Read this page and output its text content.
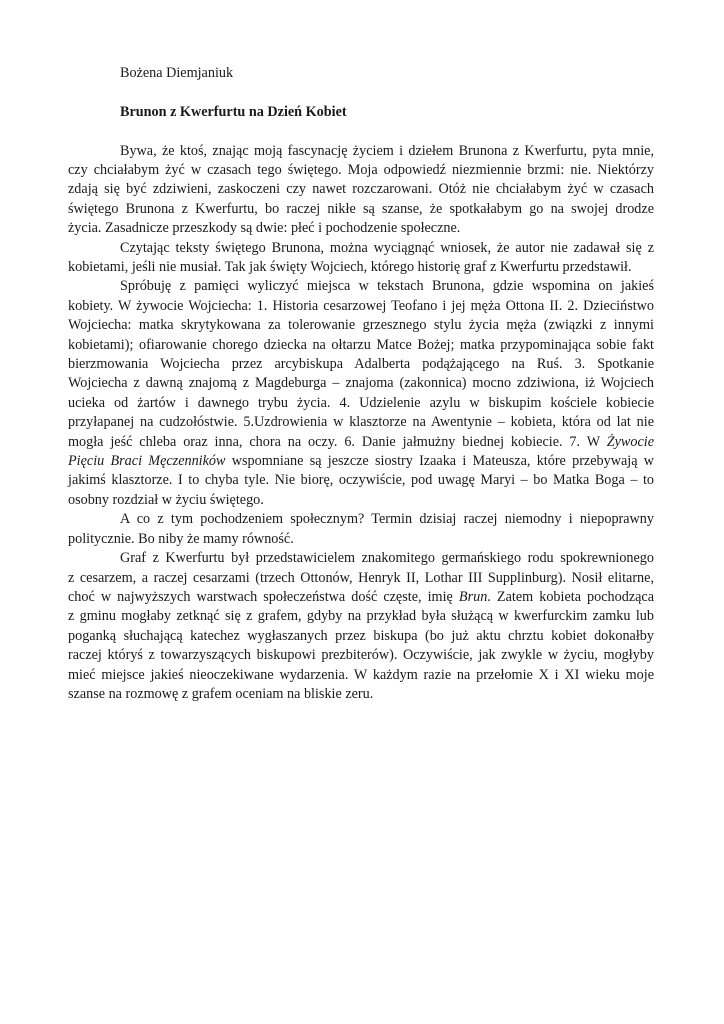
Bożena Diemjaniuk
Brunon z Kwerfurtu na Dzień Kobiet

Bywa, że ktoś, znając moją fascynację życiem i dziełem Brunona z Kwerfurtu, pyta mnie,
czy chciałabym żyć w czasach tego świętego. Moja odpowiedź niezmiennie brzmi: nie. Niektórzy
zdają się być zdziwieni, zaskoczeni czy nawet rozczarowani. Otóż nie chciałabym żyć w czasach
świętego Brunona z Kwerfurtu, bo raczej nikłe są szanse, że spotkałabym go na swojej drodze
życia. Zasadnicze przeszkody są dwie: płeć i pochodzenie społeczne.

Czytając teksty świętego Brunona, można wyciągnąć wniosek, że autor nie zadawał się z
kobietami, jeśli nie musiał. Tak jak święty Wojciech, którego historię graf z Kwerfurtu przedstawił.

Spróbuję z pamięci wyliczyć miejsca w tekstach Brunona, gdzie wspomina on jakieś
kobiety. W żywocie Wojciecha: 1. Historia cesarzowej Teofano i jej męża Ottona II. 2. Dzieciństwo
Wojciecha: matka skrytykowana za tolerowanie grzesznego stylu życia męża (związki z innymi
kobietami); ofiarowanie chorego dziecka na ołtarzu Matce Bożej; matka przypominająca sobie fakt
bierzmowania Wojciecha przez arcybiskupa Adalberta podążającego na Ruś. 3. Spotkanie
Wojciecha z dawną znajomą z Magdeburga – znajoma (zakonnica) mocno zdziwiona, iż Wojciech
ucieka od żartów i dawnego trybu życia. 4. Udzielenie azylu w biskupim kościele kobiecie
przyłapanej na cudzołóstwie. 5.Uzdrowienia w klasztorze na Awentynie – kobieta, która od lat nie
mogła jeść chleba oraz inna, chora na oczy. 6. Danie jałmużny biednej kobiecie. 7. W Żywocie
Pięciu Braci Męczenników wspomniane są jeszcze siostry Izaaka i Mateusza, które przebywają w
jakimś klasztorze. I to chyba tyle. Nie biorę, oczywiście, pod uwagę Maryi – bo Matka Boga – to
osobny rozdział w życiu świętego.

A co z tym pochodzeniem społecznym? Termin dzisiaj raczej niemodny i niepoprawny
politycznie. Bo niby że mamy równość.

Graf z Kwerfurtu był przedstawicielem znakomitego germańskiego rodu spokrewnionego
z cesarzem, a raczej cesarzami (trzech Ottonów, Henryk II, Lothar III Supplinburg). Nosił elitarne,
choć w najwyższych warstwach społeczeństwa dość częste, imię Brun. Zatem kobieta pochodząca
z gminu mogłaby zetknąć się z grafem, gdyby na przykład była służącą w kwerfurckim zamku lub
poganką słuchającą katechez wygłaszanych przez biskupa (bo już aktu chrztu kobiet dokonałby
raczej któryś z towarzyszących biskupowi prezbiterów). Oczywiście, jak zwykle w życiu, mogłyby
mieć miejsce jakieś nieoczekiwane wydarzenia. W każdym razie na przełomie X i XI wieku moje
szanse na rozmowę z grafem oceniam na bliskie zeru.
